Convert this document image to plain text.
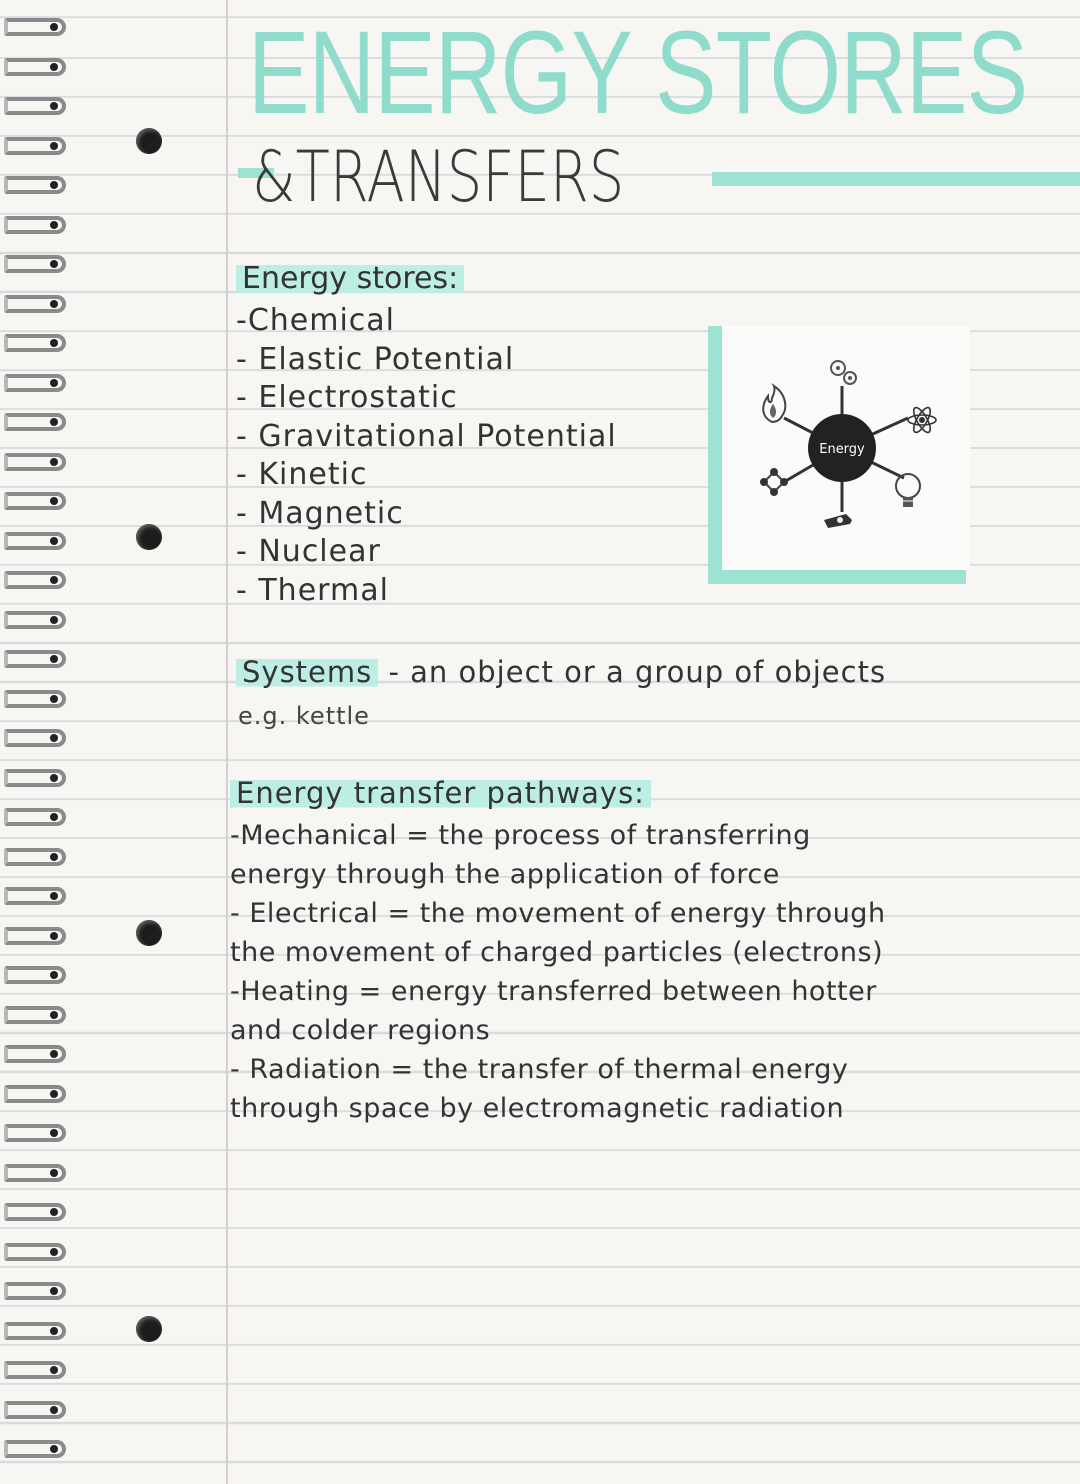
ENERGY STORES
&TRANSFERS
Energy stores:
-Chemical
- Elastic Potential
- Electrostatic
- Gravitational Potential
- Kinetic
- Magnetic
- Nuclear
- Thermal
Energy
Systems - an object or a group of objects
e.g. kettle
Energy transfer pathways:
-Mechanical = the process of transferring
energy through the application of force
- Electrical = the movement of energy through
the movement of charged particles (electrons)
-Heating = energy transferred between hotter
and colder regions
- Radiation = the transfer of thermal energy
through space by electromagnetic radiation
